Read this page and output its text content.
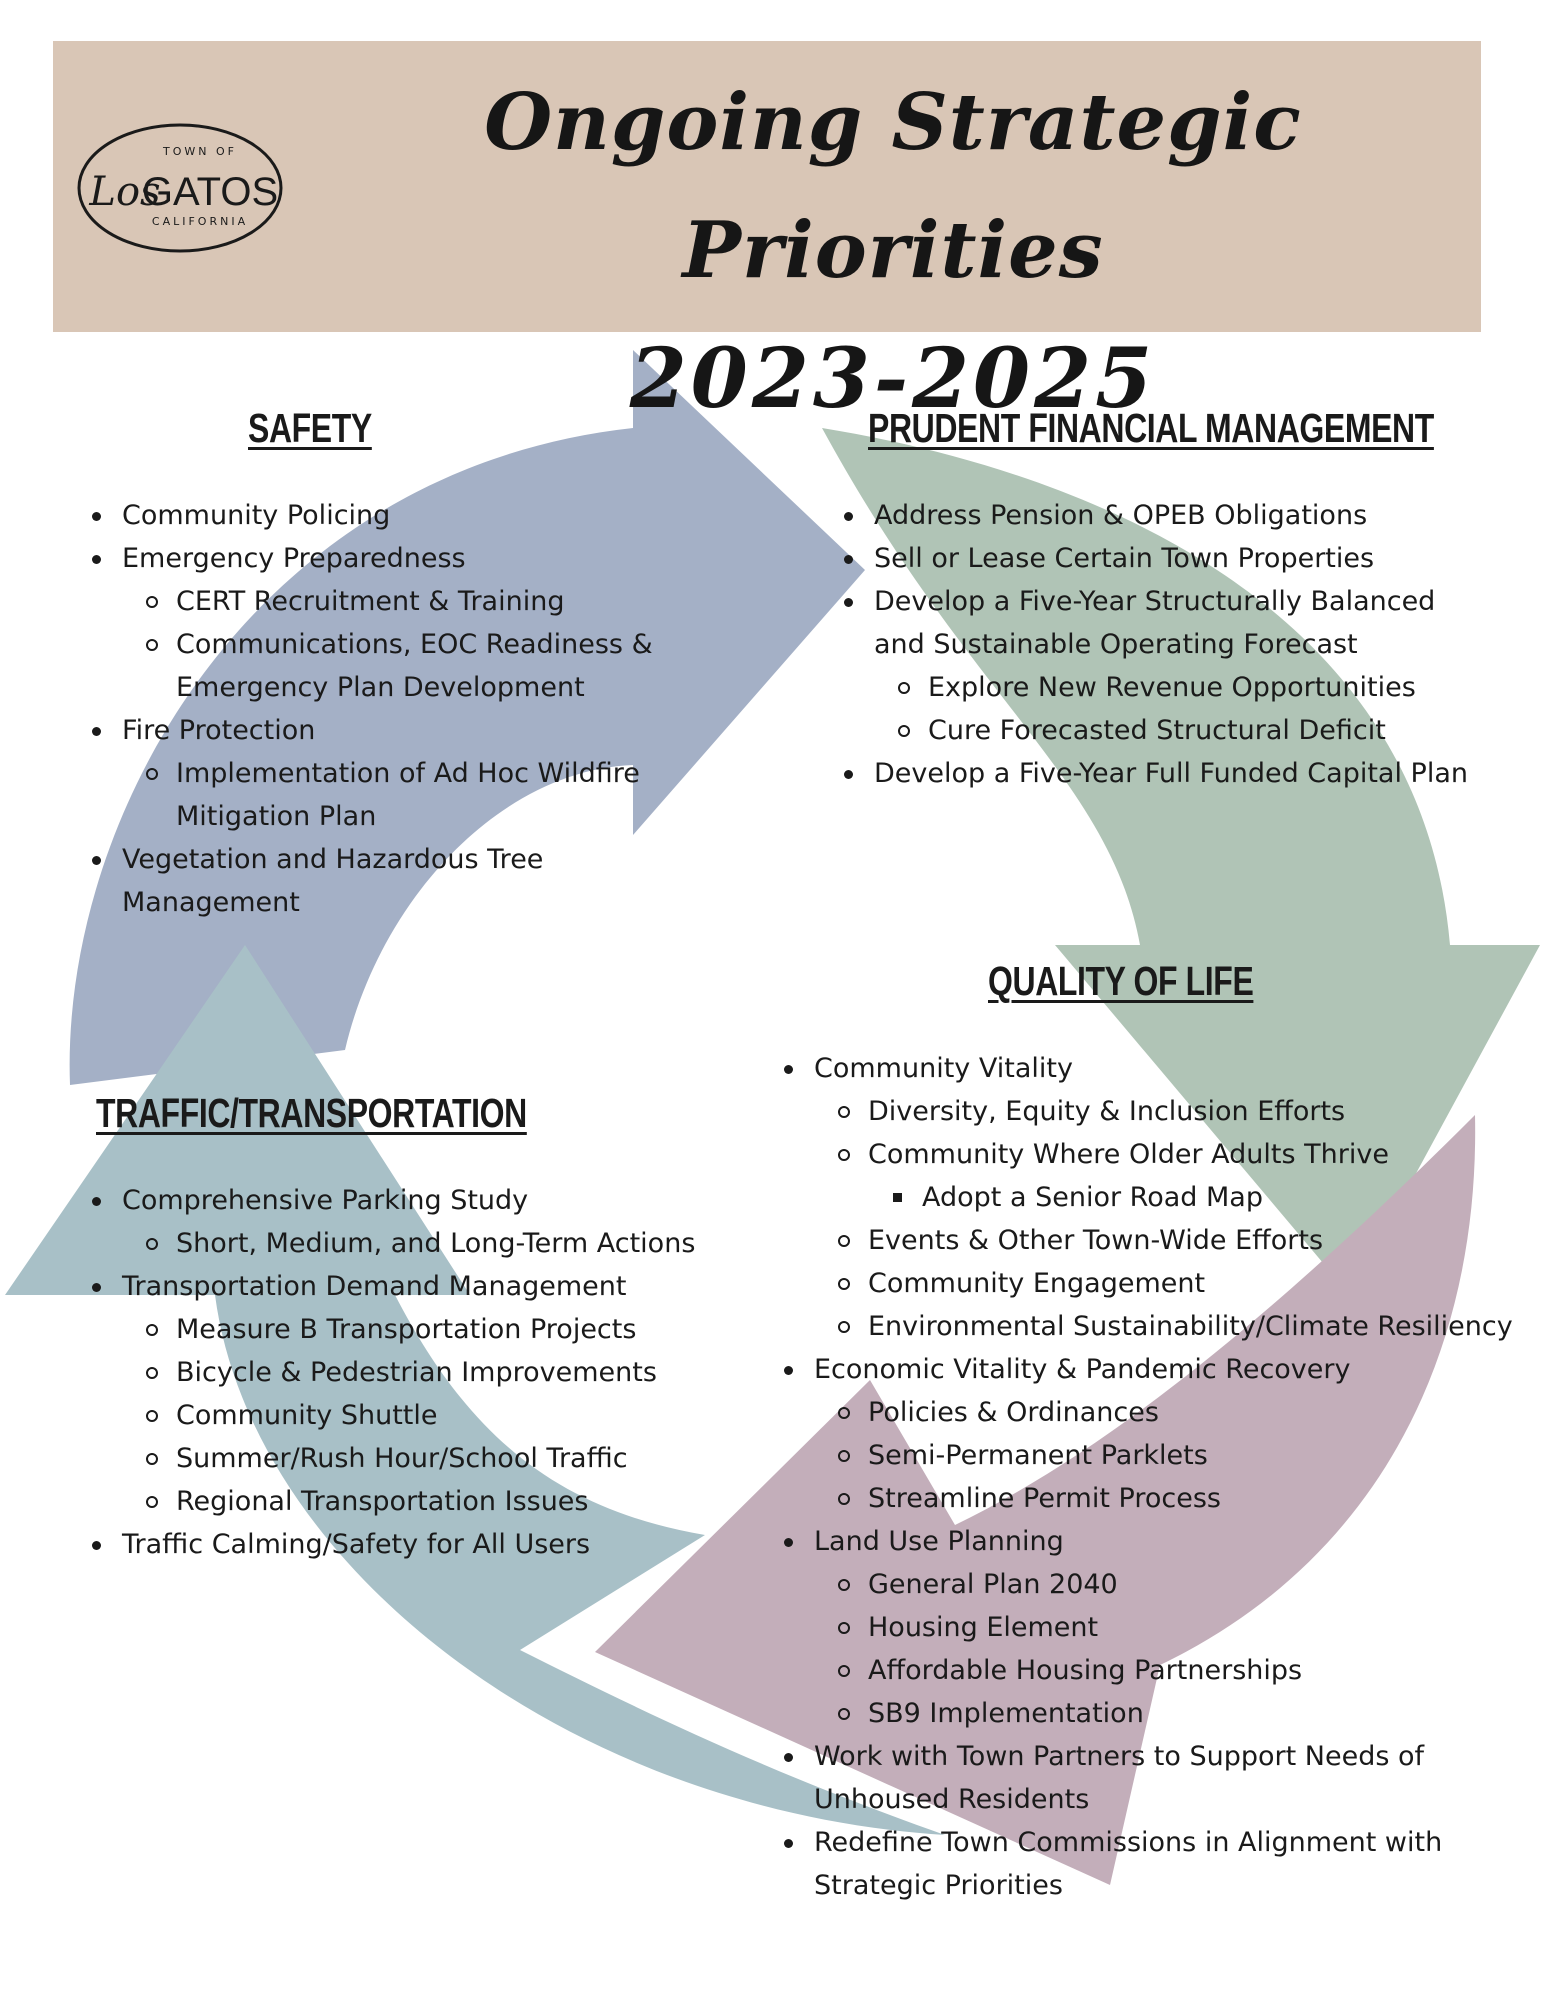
TOWN OF
Los
GATOS
CALIFORNIA
Ongoing Strategic Priorities
2023-2025
SAFETY
Community Policing
Emergency Preparedness
CERT Recruitment & Training
Communications, EOC Readiness &
Emergency Plan Development
Fire Protection
Implementation of Ad Hoc Wildfire
Mitigation Plan
Vegetation and Hazardous Tree
Management
PRUDENT FINANCIAL MANAGEMENT
Address Pension & OPEB Obligations
Sell or Lease Certain Town Properties
Develop a Five-Year Structurally Balanced
and Sustainable Operating Forecast
Explore New Revenue Opportunities
Cure Forecasted Structural Deficit
Develop a Five-Year Full Funded Capital Plan
QUALITY OF LIFE
Community Vitality
Diversity, Equity & Inclusion Efforts
Community Where Older Adults Thrive
Adopt a Senior Road Map
Events & Other Town-Wide Efforts
Community Engagement
Environmental Sustainability/Climate Resiliency
Economic Vitality & Pandemic Recovery
Policies & Ordinances
Semi-Permanent Parklets
Streamline Permit Process
Land Use Planning
General Plan 2040
Housing Element
Affordable Housing Partnerships
SB9 Implementation
Work with Town Partners to Support Needs of
Unhoused Residents
Redefine Town Commissions in Alignment with
Strategic Priorities
TRAFFIC/TRANSPORTATION
Comprehensive Parking Study
Short, Medium, and Long-Term Actions
Transportation Demand Management
Measure B Transportation Projects
Bicycle & Pedestrian Improvements
Community Shuttle
Summer/Rush Hour/School Traffic
Regional Transportation Issues
Traffic Calming/Safety for All Users
